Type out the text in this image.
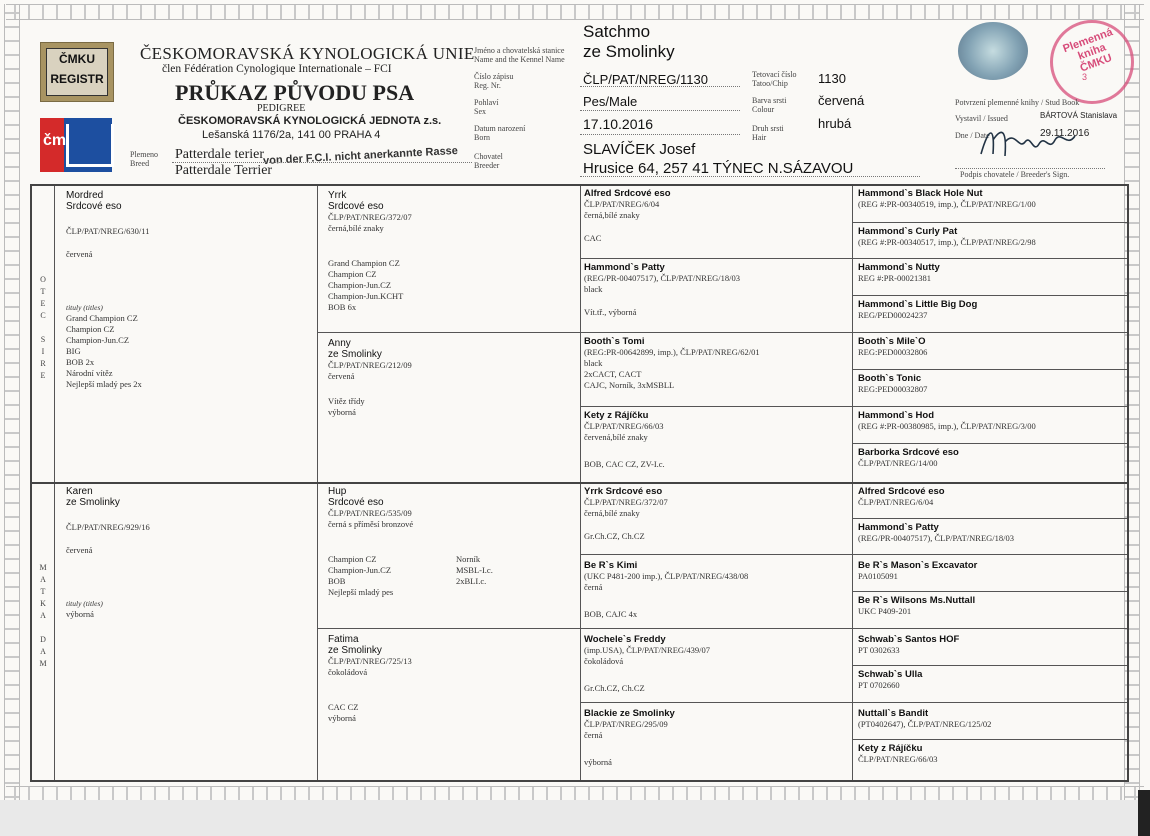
ČMKU
REGISTR
čm
ČESKOMORAVSKÁ KYNOLOGICKÁ UNIE
člen Fédération Cynologique Internationale – FCI
PRŮKAZ PŮVODU PSA
PEDIGREE
ČESKOMORAVSKÁ KYNOLOGICKÁ JEDNOTA z.s.
Lešanská 1176/2a, 141 00 PRAHA 4
Plemeno
Breed
Patterdale terier
Patterdale Terrier
von der F.C.I. nicht anerkannte Rasse
Jméno a chovatelská stanice
Name and the Kennel Name
Číslo zápisu
Reg. Nr.
Pohlaví
Sex
Datum narození
Born
Chovatel
Breeder
Satchmo
ze Smolinky
ČLP/PAT/NREG/1130
Pes/Male
17.10.2016
SLAVÍČEK Josef
Hrusice 64, 257 41 TÝNEC N.SÁZAVOU
Tetovací číslo
Tatoo/Chip
Barva srsti
Colour
Druh srsti
Hair
1130
červená
hrubá
Plemenná kniha ČMKU
3
Potvrzení plemenné knihy / Stud Book
Vystavil / Issued	BÁRTOVÁ Stanislava
Dne / Date	29.11.2016
Podpis chovatele / Breeder's Sign.
O
T
E
C
S
I
R
E
M
A
T
K
A
D
A
M
Mordred
Srdcové eso
ČLP/PAT/NREG/630/11
červená
tituly (titles)
Grand Champion CZ
Champion CZ
Champion-Jun.CZ
BIG
BOB 2x
Národní vítěz
Nejlepší mladý pes 2x
Karen
ze Smolinky
ČLP/PAT/NREG/929/16
červená
tituly (titles)
výborná
Yrrk
Srdcové eso
ČLP/PAT/NREG/372/07
černá,bílé znaky
Grand Champion CZ
Champion CZ
Champion-Jun.CZ
Champion-Jun.KCHT
BOB 6x
Anny
ze Smolinky
ČLP/PAT/NREG/212/09
červená
Vítěz třídy
výborná
Hup
Srdcové eso
ČLP/PAT/NREG/535/09
černá s příměsí bronzové
Champion CZ
Champion-Jun.CZ
BOB
Nejlepší mladý pes
Norník
MSBL-I.c.
2xBLI.c.
Fatima
ze Smolinky
ČLP/PAT/NREG/725/13
čokoládová
CAC CZ
výborná
Alfred Srdcové eso
ČLP/PAT/NREG/6/04
černá,bílé znaky
CAC
Hammond`s Patty
(REG/PR-00407517), ČLP/PAT/NREG/18/03
black
Vít.tř., výborná
Booth`s Tomi
(REG:PR-00642899, imp.), ČLP/PAT/NREG/62/01
black
2xCACT, CACT
CAJC, Norník, 3xMSBLL
Kety z Rájíčku
ČLP/PAT/NREG/66/03
červená,bílé znaky
BOB, CAC CZ, ZV-I.c.
Yrrk Srdcové eso
ČLP/PAT/NREG/372/07
černá,bílé znaky
Gr.Ch.CZ, Ch.CZ
Be R`s Kimi
(UKC P481-200 imp.), ČLP/PAT/NREG/438/08
černá
BOB, CAJC 4x
Wochele`s Freddy
(imp.USA), ČLP/PAT/NREG/439/07
čokoládová
Gr.Ch.CZ, Ch.CZ
Blackie ze Smolinky
ČLP/PAT/NREG/295/09
černá
výborná
Hammond`s Black Hole Nut
(REG #:PR-00340519, imp.), ČLP/PAT/NREG/1/00
Hammond`s Curly Pat
(REG #:PR-00340517, imp.), ČLP/PAT/NREG/2/98
Hammond`s Nutty
REG #:PR-00021381
Hammond`s Little Big Dog
REG/PED00024237
Booth`s Mile`O
REG:PED00032806
Booth`s Tonic
REG:PED00032807
Hammond`s Hod
(REG #:PR-00380985, imp.), ČLP/PAT/NREG/3/00
Barborka Srdcové eso
ČLP/PAT/NREG/14/00
Alfred Srdcové eso
ČLP/PAT/NREG/6/04
Hammond`s Patty
(REG/PR-00407517), ČLP/PAT/NREG/18/03
Be R`s Mason`s Excavator
PA0105091
Be R`s Wilsons Ms.Nuttall
UKC P409-201
Schwab`s Santos HOF
PT 0302633
Schwab`s Ulla
PT 0702660
Nuttall`s Bandit
(PT0402647), ČLP/PAT/NREG/125/02
Kety z Rájíčku
ČLP/PAT/NREG/66/03
